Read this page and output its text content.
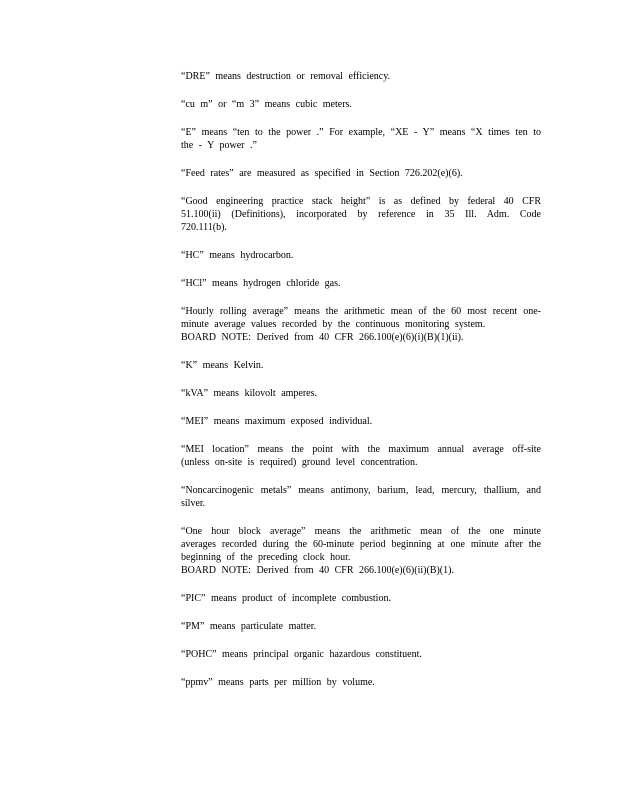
“DRE” means destruction or removal efficiency.

“cu m” or “m 3” means cubic meters.

“E” means “ten to the power .” For example, “XE - Y” means “X times ten to the - Y power .”

“Feed rates” are measured as specified in Section 726.202(e)(6).

“Good engineering practice stack height” is as defined by federal 40 CFR 51.100(ii) (Definitions), incorporated by reference in 35 Ill. Adm. Code 720.111(b).

“HC” means hydrocarbon.

“HCl” means hydrogen chloride gas.

“Hourly rolling average” means the arithmetic mean of the 60 most recent one-minute average values recorded by the continuous monitoring system.
BOARD NOTE: Derived from 40 CFR 266.100(e)(6)(i)(B)(1)(ii).

“K” means Kelvin.

“kVA” means kilovolt amperes.

“MEI” means maximum exposed individual.

“MEI location” means the point with the maximum annual average off-site (unless on-site is required) ground level concentration.

“Noncarcinogenic metals” means antimony, barium, lead, mercury, thallium, and silver.

“One hour block average” means the arithmetic mean of the one minute averages recorded during the 60-minute period beginning at one minute after the beginning of the preceding clock hour.
BOARD NOTE: Derived from 40 CFR 266.100(e)(6)(ii)(B)(1).

“PIC” means product of incomplete combustion.

“PM” means particulate matter.

“POHC” means principal organic hazardous constituent.

“ppmv” means parts per million by volume.
